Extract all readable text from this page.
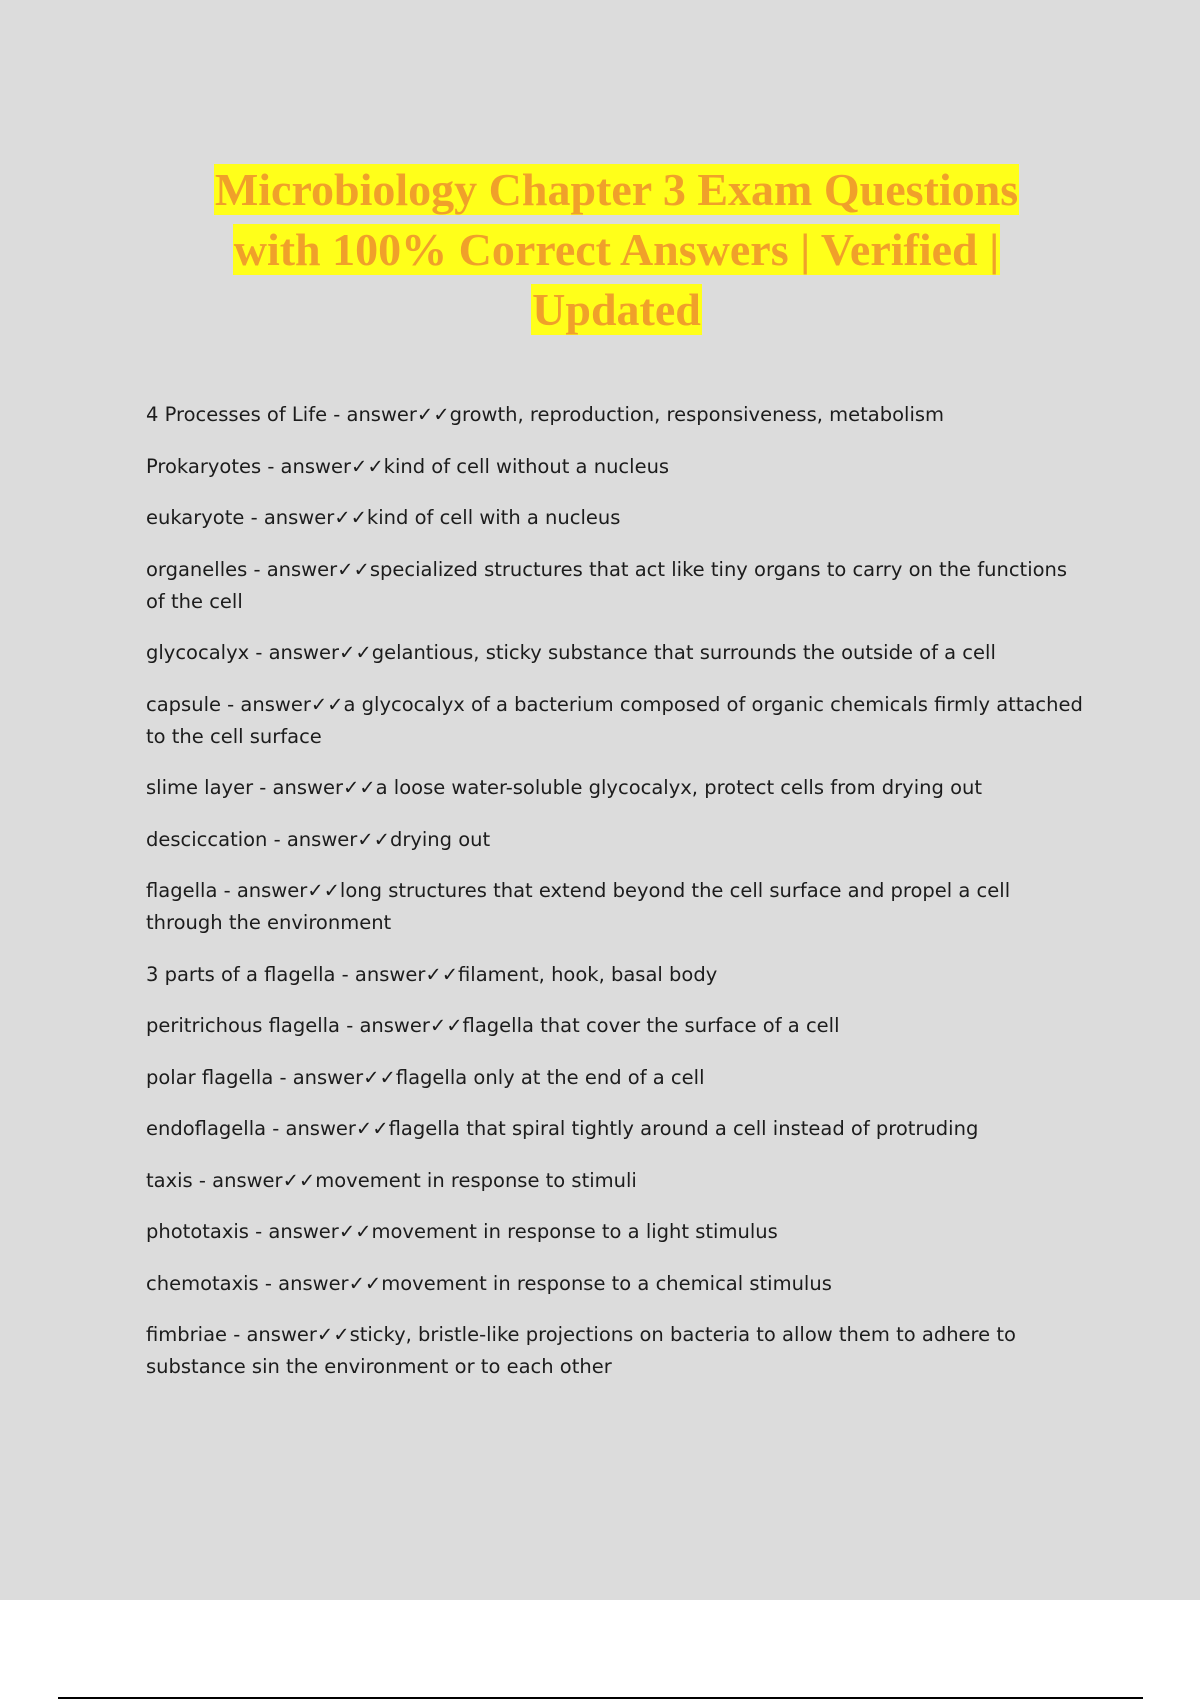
Microbiology Chapter 3 Exam Questions
with 100% Correct Answers | Verified |
Updated
4 Processes of Life - answer✓✓growth, reproduction, responsiveness, metabolism
Prokaryotes - answer✓✓kind of cell without a nucleus
eukaryote - answer✓✓kind of cell with a nucleus
organelles - answer✓✓specialized structures that act like tiny organs to carry on the functions of the cell
glycocalyx - answer✓✓gelantious, sticky substance that surrounds the outside of a cell
capsule - answer✓✓a glycocalyx of a bacterium composed of organic chemicals firmly attached to the cell surface
slime layer - answer✓✓a loose water-soluble glycocalyx, protect cells from drying out
desciccation - answer✓✓drying out
flagella - answer✓✓long structures that extend beyond the cell surface and propel a cell through the environment
3 parts of a flagella - answer✓✓filament, hook, basal body
peritrichous flagella - answer✓✓flagella that cover the surface of a cell
polar flagella - answer✓✓flagella only at the end of a cell
endoflagella - answer✓✓flagella that spiral tightly around a cell instead of protruding
taxis - answer✓✓movement in response to stimuli
phototaxis - answer✓✓movement in response to a light stimulus
chemotaxis - answer✓✓movement in response to a chemical stimulus
fimbriae - answer✓✓sticky, bristle-like projections on bacteria to allow them to adhere to substance sin the environment or to each other
